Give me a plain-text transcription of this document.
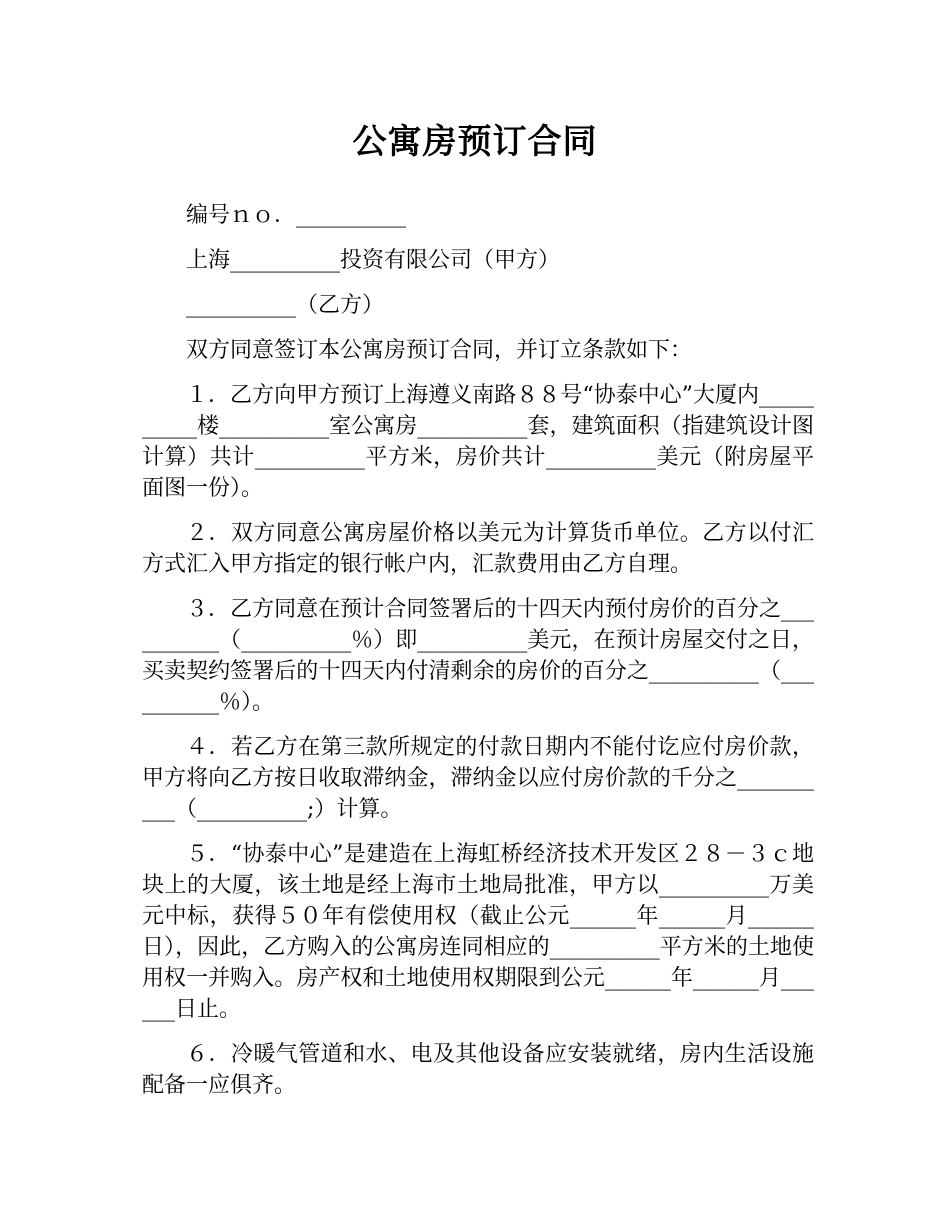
公寓房预订合同

编号ｎｏ．__________

上海__________投资有限公司（甲方）

__________（乙方）

双方同意签订本公寓房预订合同，并订立条款如下：

１．乙方向甲方预订上海遵义南路８８号“协泰中心”大厦内__________楼__________室公寓房__________套，建筑面积（指建筑设计图计算）共计__________平方米，房价共计__________美元（附房屋平面图一份）。

２．双方同意公寓房屋价格以美元为计算货币单位。乙方以付汇方式汇入甲方指定的银行帐户内，汇款费用由乙方自理。

３．乙方同意在预计合同签署后的十四天内预付房价的百分之__________（__________％）即__________美元，在预计房屋交付之日，买卖契约签署后的十四天内付清剩余的房价的百分之__________（__________％）。

４．若乙方在第三款所规定的付款日期内不能付讫应付房价款，甲方将向乙方按日收取滞纳金，滞纳金以应付房价款的千分之__________（__________;）计算。

５．“协泰中心”是建造在上海虹桥经济技术开发区２８－３ｃ地块上的大厦，该土地是经上海市土地局批准，甲方以__________万美元中标，获得５０年有偿使用权（截止公元______年______月______日），因此，乙方购入的公寓房连同相应的__________平方米的土地使用权一并购入。房产权和土地使用权期限到公元______年______月______日止。

６．冷暖气管道和水、电及其他设备应安装就绪，房内生活设施配备一应俱齐。
